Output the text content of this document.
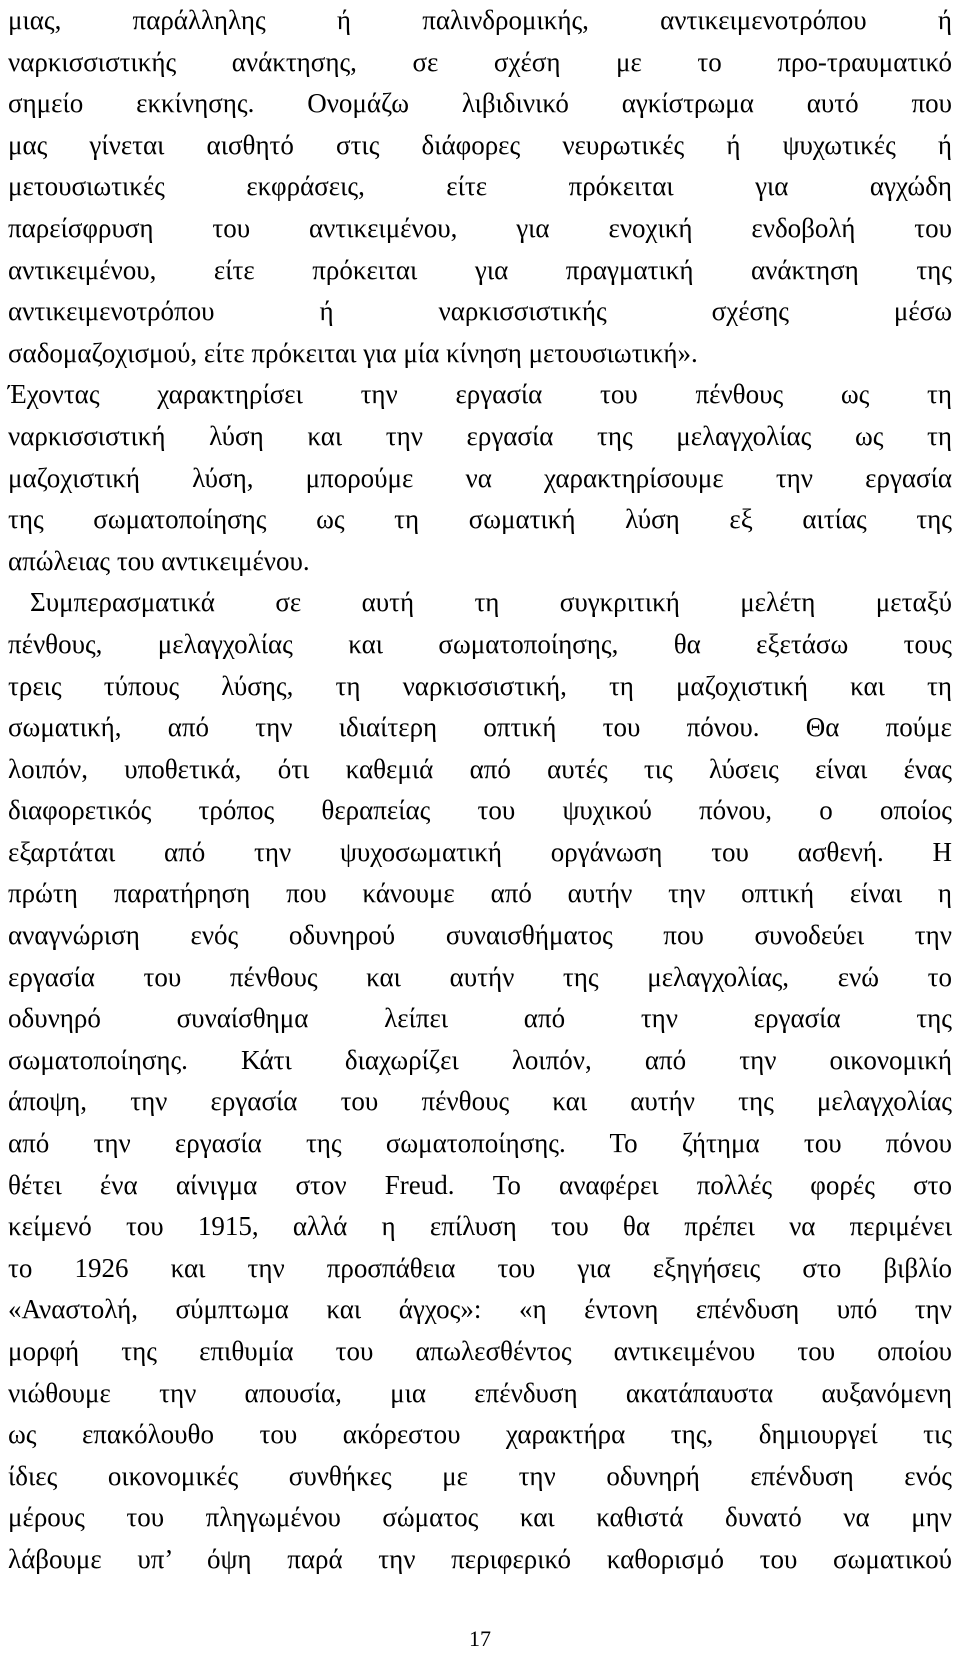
μιας, παράλληλης ή παλινδρομικής, αντικειμενοτρόπου ή
ναρκισσιστικής ανάκτησης, σε σχέση με το προ-τραυματικό
σημείο εκκίνησης. Ονομάζω λιβιδινικό αγκίστρωμα αυτό που
μας γίνεται αισθητό στις διάφορες νευρωτικές ή ψυχωτικές ή
μετουσιωτικές εκφράσεις, είτε πρόκειται για αγχώδη
παρείσφρυση του αντικειμένου, για ενοχική ενδοβολή του
αντικειμένου, είτε πρόκειται για πραγματική ανάκτηση της
αντικειμενοτρόπου ή ναρκισσιστικής σχέσης μέσω
σαδομαζοχισμού, είτε πρόκειται για μία κίνηση μετουσιωτική».
Έχοντας χαρακτηρίσει την εργασία του πένθους ως τη
ναρκισσιστική λύση και την εργασία της μελαγχολίας ως τη
μαζοχιστική λύση, μπορούμε να χαρακτηρίσουμε την εργασία
της σωματοποίησης ως τη σωματική λύση εξ αιτίας της
απώλειας του αντικειμένου.
Συμπερασματικά σε αυτή τη συγκριτική μελέτη μεταξύ
πένθους, μελαγχολίας και σωματοποίησης, θα εξετάσω τους
τρεις τύπους λύσης, τη ναρκισσιστική, τη μαζοχιστική και τη
σωματική, από την ιδιαίτερη οπτική του πόνου. Θα πούμε
λοιπόν, υποθετικά, ότι καθεμιά από αυτές τις λύσεις είναι ένας
διαφορετικός τρόπος θεραπείας του ψυχικού πόνου, ο οποίος
εξαρτάται από την ψυχοσωματική οργάνωση του ασθενή. Η
πρώτη παρατήρηση που κάνουμε από αυτήν την οπτική είναι η
αναγνώριση ενός οδυνηρού συναισθήματος που συνοδεύει την
εργασία του πένθους και αυτήν της μελαγχολίας, ενώ το
οδυνηρό συναίσθημα λείπει από την εργασία της
σωματοποίησης. Κάτι διαχωρίζει λοιπόν, από την οικονομική
άποψη, την εργασία του πένθους και αυτήν της μελαγχολίας
από την εργασία της σωματοποίησης. Το ζήτημα του πόνου
θέτει ένα αίνιγμα στον Freud. Το αναφέρει πολλές φορές στο
κείμενό του 1915, αλλά η επίλυση του θα πρέπει να περιμένει
το 1926 και την προσπάθεια του για εξηγήσεις στο βιβλίο
«Αναστολή, σύμπτωμα και άγχος»: «η έντονη επένδυση υπό την
μορφή της επιθυμία του απωλεσθέντος αντικειμένου του οποίου
νιώθουμε την απουσία, μια επένδυση ακατάπαυστα αυξανόμενη
ως επακόλουθο του ακόρεστου χαρακτήρα της, δημιουργεί τις
ίδιες οικονομικές συνθήκες με την οδυνηρή επένδυση ενός
μέρους του πληγωμένου σώματος και καθιστά δυνατό να μην
λάβουμε υπ’ όψη παρά την περιφερικό καθορισμό του σωματικού
17
